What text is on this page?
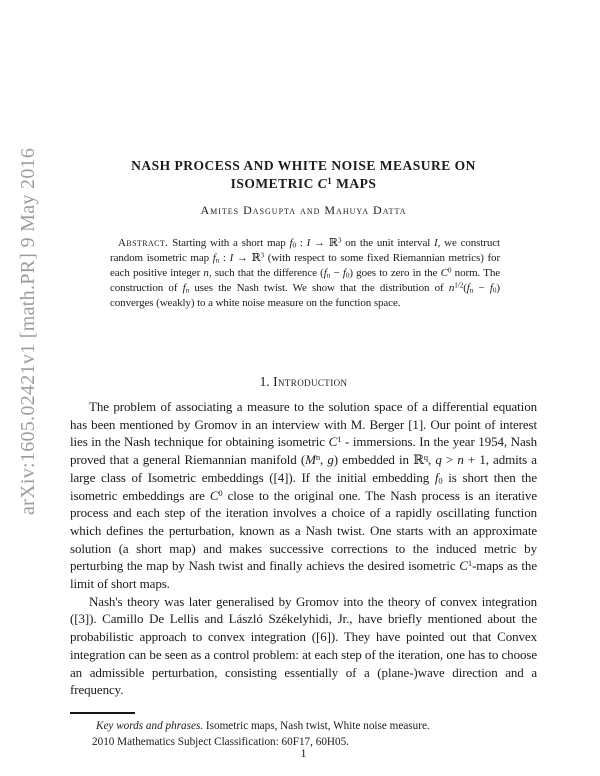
arXiv:1605.02421v1 [math.PR] 9 May 2016	NASH PROCESS AND WHITE NOISE MEASURE ON
ISOMETRIC $C^1$ MAPS
Amites Dasgupta and Mahuya Datta
Abstract. Starting with a short map $f_0$ : I → ℝ$^3$ on the unit interval I, we construct random isometric map $f_n$ : I → ℝ$^3$ (with respect to some fixed Riemannian metrics) for each positive integer n, such that the difference $(f_n - f_0)$ goes to zero in the $C^0$ norm. The construction of $f_n$ uses the Nash twist. We show that the distribution of $n^{1/2}(f_n - f_0)$ converges (weakly) to a white noise measure on the function space.
1. Introduction

The problem of associating a measure to the solution space of a differential equation has been mentioned by Gromov in an interview with M. Berger [1]. Our point of interest lies in the Nash technique for obtaining isometric $C^1$ - immersions. In the year 1954, Nash proved that a general Riemannian manifold ($M^n$, g) embedded in ℝ$^q$, q > n + 1, admits a large class of Isometric embeddings ([4]). If the initial embedding $f_0$ is short then the isometric embeddings are $C^0$ close to the original one. The Nash process is an iterative process and each step of the iteration involves a choice of a rapidly oscillating function which defines the perturbation, known as a Nash twist. One starts with an approximate solution (a short map) and makes successive corrections to the induced metric by perturbing the map by Nash twist and finally achievs the desired isometric $C^1$-maps as the limit of short maps.

Nash's theory was later generalised by Gromov into the theory of convex integration ([3]). Camillo De Lellis and László Székelyhidi, Jr., have briefly mentioned about the probabilistic approach to convex integration ([6]). They have pointed out that Convex integration can be seen as a control problem: at each step of the iteration, one has to choose an admissible perturbation, consisting essentially of a (plane-)wave direction and a frequency.

Key words and phrases. Isometric maps, Nash twist, White noise measure.
2010 Mathematics Subject Classification: 60F17, 60H05.
1
